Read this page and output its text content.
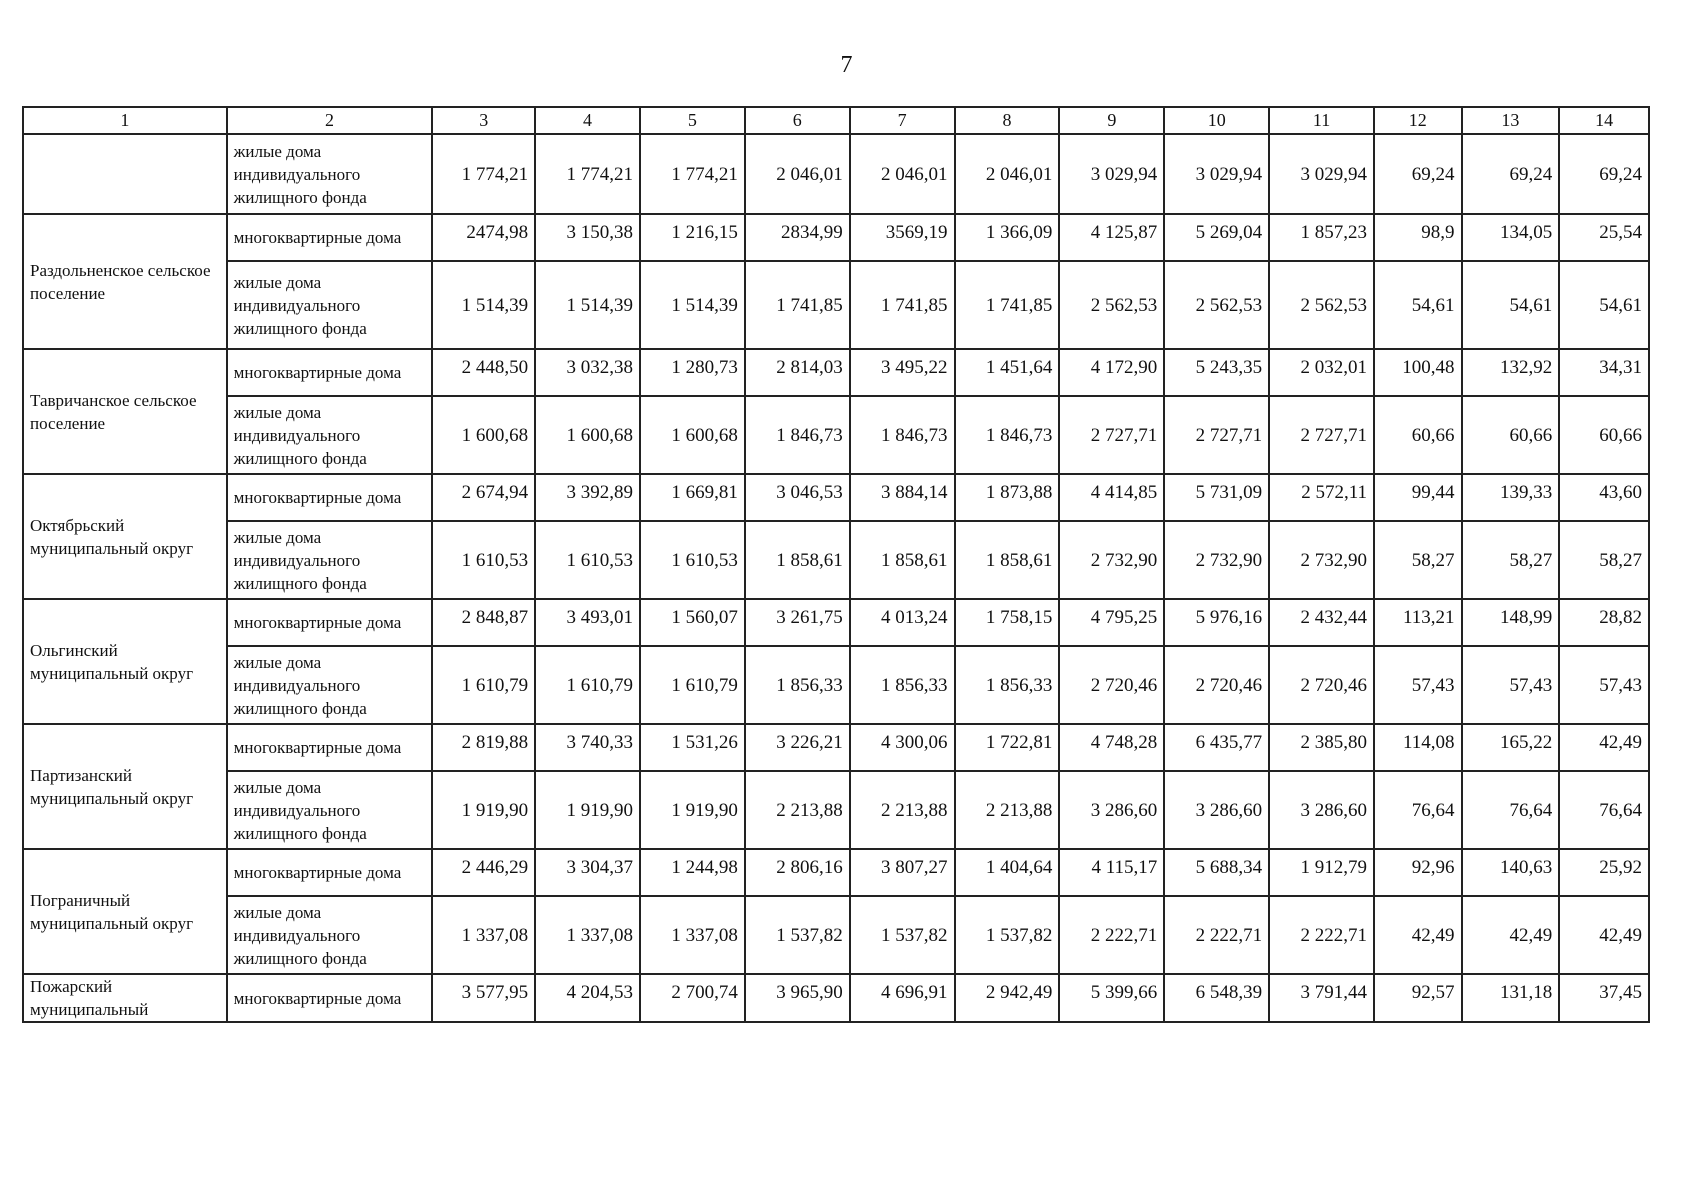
7
1	2	3	4	5	6	7	8	9	10	11	12	13	14
	жилые дома индивидуального жилищного фонда	1 774,21	1 774,21	1 774,21	2 046,01	2 046,01	2 046,01	3 029,94	3 029,94	3 029,94	69,24	69,24	69,24
Раздольненское сельское поселение	многоквартирные дома	2474,98	3 150,38	1 216,15	2834,99	3569,19	1 366,09	4 125,87	5 269,04	1 857,23	98,9	134,05	25,54
	жилые дома индивидуального жилищного фонда	1 514,39	1 514,39	1 514,39	1 741,85	1 741,85	1 741,85	2 562,53	2 562,53	2 562,53	54,61	54,61	54,61
Тавричанское сельское поселение	многоквартирные дома	2 448,50	3 032,38	1 280,73	2 814,03	3 495,22	1 451,64	4 172,90	5 243,35	2 032,01	100,48	132,92	34,31
	жилые дома индивидуального жилищного фонда	1 600,68	1 600,68	1 600,68	1 846,73	1 846,73	1 846,73	2 727,71	2 727,71	2 727,71	60,66	60,66	60,66
Октябрьский муниципальный округ	многоквартирные дома	2 674,94	3 392,89	1 669,81	3 046,53	3 884,14	1 873,88	4 414,85	5 731,09	2 572,11	99,44	139,33	43,60
	жилые дома индивидуального жилищного фонда	1 610,53	1 610,53	1 610,53	1 858,61	1 858,61	1 858,61	2 732,90	2 732,90	2 732,90	58,27	58,27	58,27
Ольгинский муниципальный округ	многоквартирные дома	2 848,87	3 493,01	1 560,07	3 261,75	4 013,24	1 758,15	4 795,25	5 976,16	2 432,44	113,21	148,99	28,82
	жилые дома индивидуального жилищного фонда	1 610,79	1 610,79	1 610,79	1 856,33	1 856,33	1 856,33	2 720,46	2 720,46	2 720,46	57,43	57,43	57,43
Партизанский муниципальный округ	многоквартирные дома	2 819,88	3 740,33	1 531,26	3 226,21	4 300,06	1 722,81	4 748,28	6 435,77	2 385,80	114,08	165,22	42,49
	жилые дома индивидуального жилищного фонда	1 919,90	1 919,90	1 919,90	2 213,88	2 213,88	2 213,88	3 286,60	3 286,60	3 286,60	76,64	76,64	76,64
Пограничный муниципальный округ	многоквартирные дома	2 446,29	3 304,37	1 244,98	2 806,16	3 807,27	1 404,64	4 115,17	5 688,34	1 912,79	92,96	140,63	25,92
	жилые дома индивидуального жилищного фонда	1 337,08	1 337,08	1 337,08	1 537,82	1 537,82	1 537,82	2 222,71	2 222,71	2 222,71	42,49	42,49	42,49
Пожарский муниципальный	многоквартирные дома	3 577,95	4 204,53	2 700,74	3 965,90	4 696,91	2 942,49	5 399,66	6 548,39	3 791,44	92,57	131,18	37,45
